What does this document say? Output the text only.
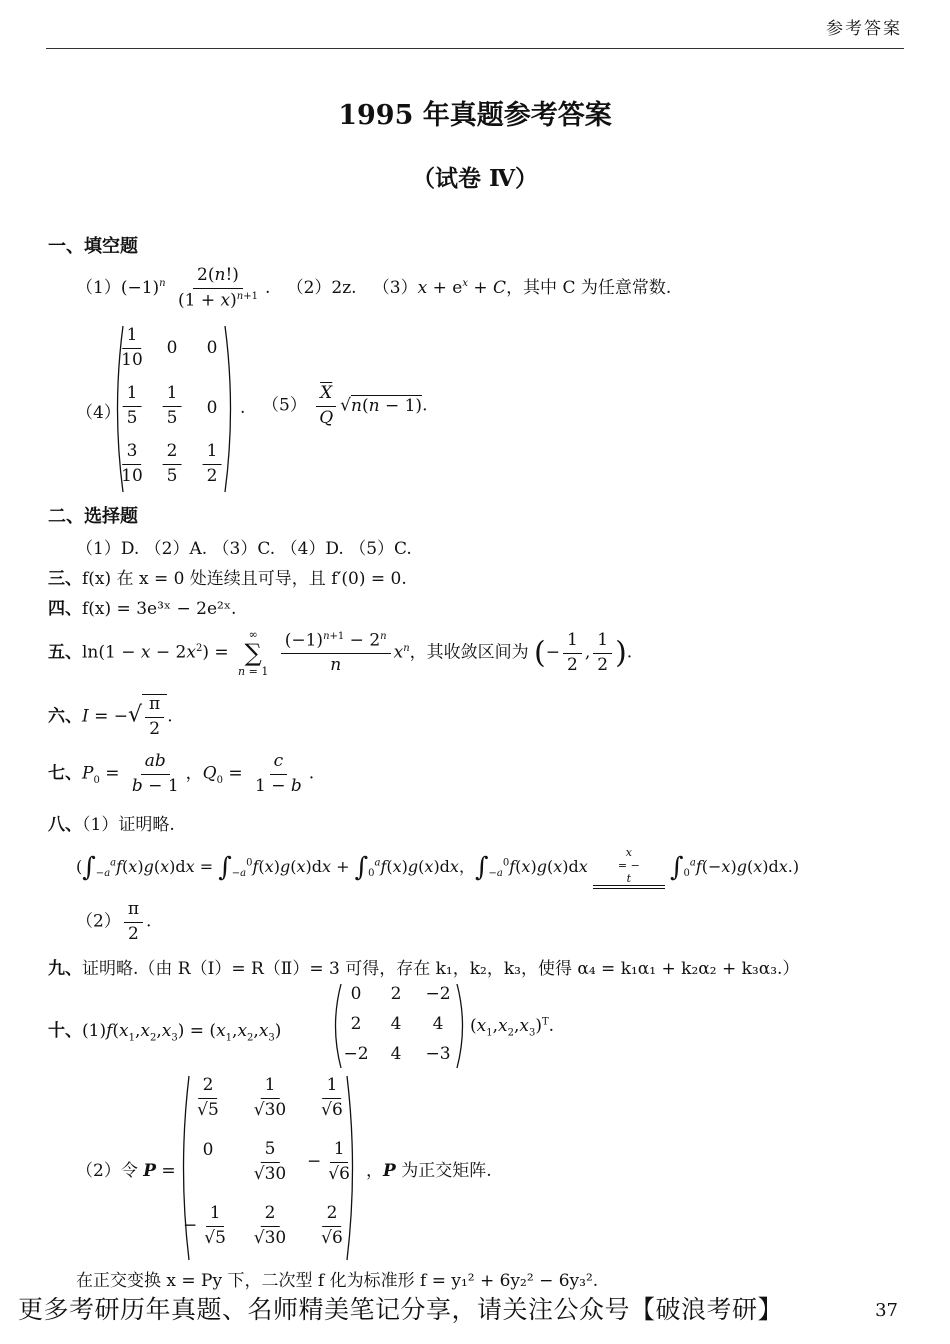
参考答案
1995 年真题参考答案
（试卷 Ⅳ）
一、填空题
$(1)(-1)^n \frac{2(n!)}{(1 + x)^{n+1}}$ .   （2）2z. $(3)x + e^x + C$，其中 C 为任意常数.
（4）
$\frac{1}{10} 0$ 0
$\frac{1}{5} \frac{1}{5} 0$
$\frac{3}{10} \frac{2}{5} \frac{1}{2}$
. $(5) \frac{\overline{X}}{Q} √n(n - 1)$.
二、选择题
（1）D. （2）A. （3）C. （4）D. （5）C.
三、f(x) 在 x = 0 处连续且可导，且 f′(0) = 0.
四、f(x) = 3e³ˣ − 2e²ˣ.
五、$\ln(1 - x - 2x^2)$ =
∞
∑
n = 1
$\frac{(-1)^{n+1} - 2^n}{n} x^n$，其收敛区间为 (− $\frac{1}{2}$ , $\frac{1}{2}$ ).
六、I = −√ $\frac{\pi}{2}$ .
七、$P_0 = \frac{ab}{b - 1}$ ，$Q_0 = \frac{c}{1 - b}$ .
八、（1）证明略.
($\int_{-a}^af(x)g(x)dx = \int_{-a}^0f(x)g(x)dx + \int_0^af(x)g(x)dx$，$\int_{-a}^0f(x)g(x)dx$
x
= −
t $\int_0^af(-x)g(x)dx$.)
$(2) \frac{\pi}{2}$ .
九、证明略.（由 R（Ⅰ）= R（Ⅱ）= 3 可得，存在 k₁，k₂，k₃，使得 α₄ = k₁α₁ + k₂α₂ + k₃α₃.）
十、$(1)f(x_1,x_2,x_3) = (x_1,x_2,x_3)$
0 2 −2
2 4 4
−2 4 −3
$(x_1,x_2,x_3)^T$.
（2）令 P =
$\frac{2}{√5} \frac{1}{√30} \frac{1}{√6}$
$0 \frac{5}{√30} - \frac{1}{√6}$
− $\frac{1}{√5} \frac{2}{√30} \frac{2}{√6}$
，P 为正交矩阵.
在正交变换 x = Py 下，二次型 f 化为标准形 f = y₁² + 6y₂² − 6y₃².
更多考研历年真题、名师精美笔记分享，请关注公众号【破浪考研】	37
